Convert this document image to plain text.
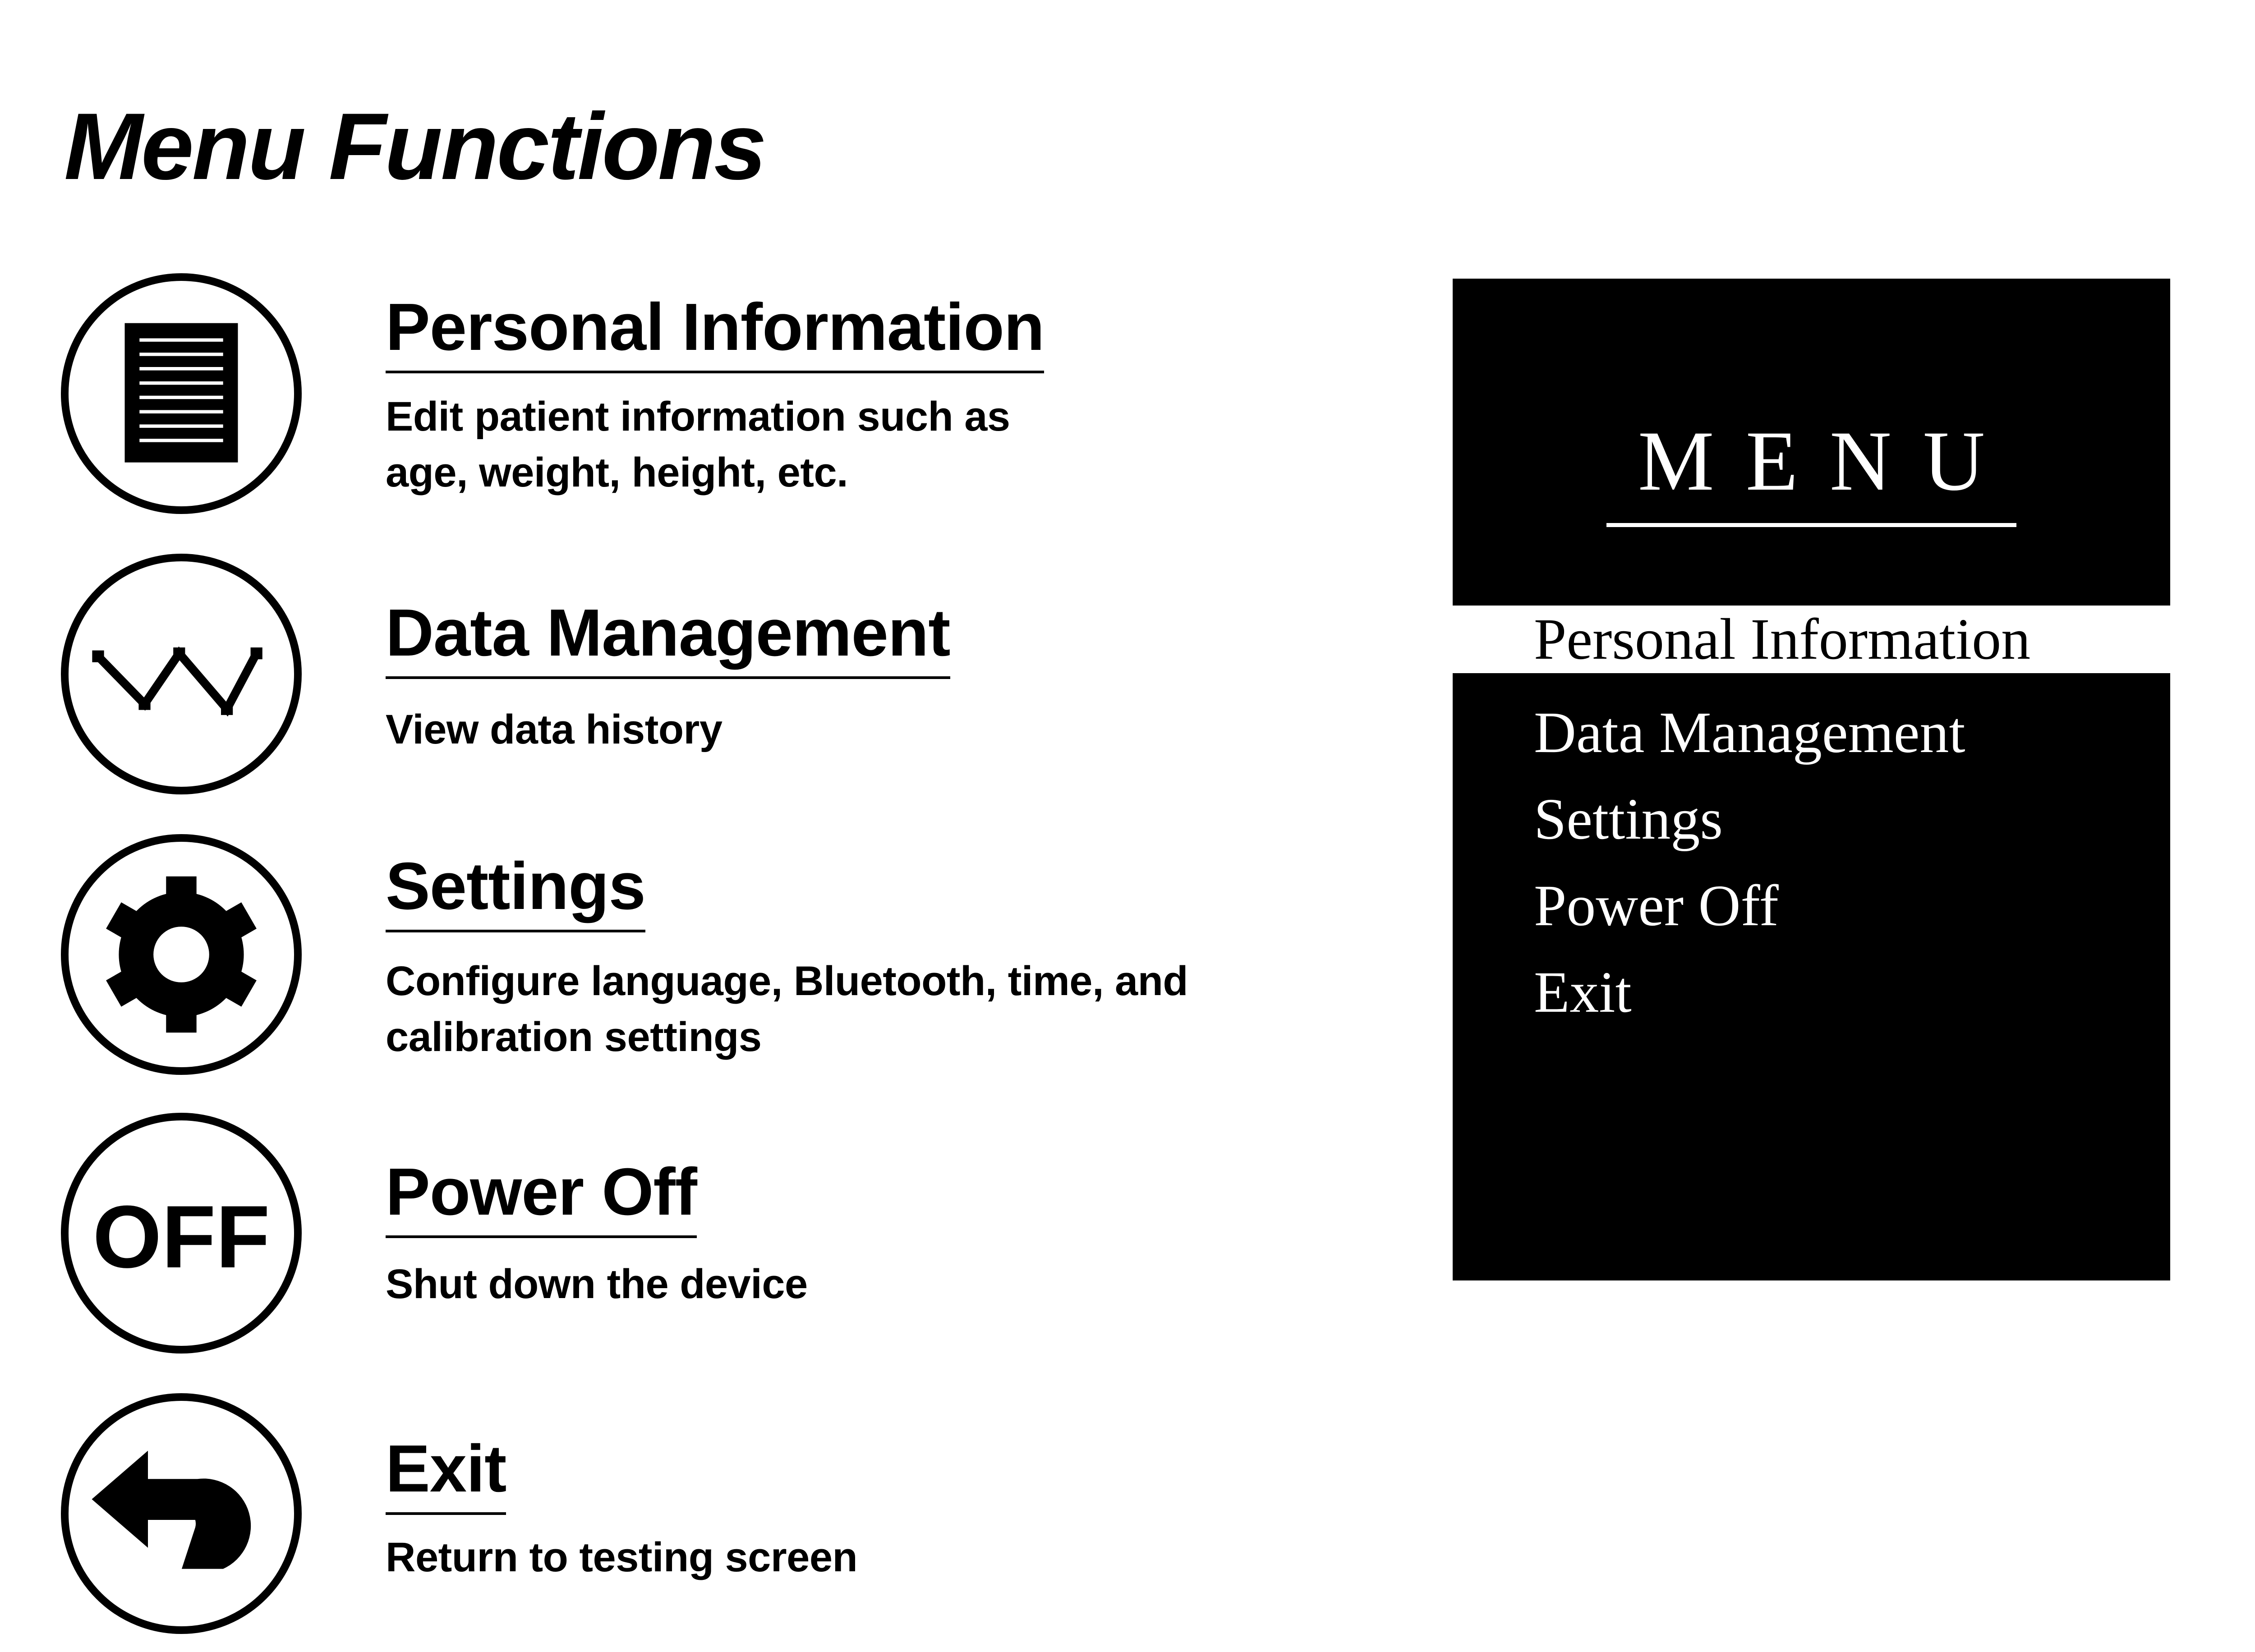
Menu Functions
Personal Information

Edit patient information such as
age, weight, height, etc.

Data Management

View data history

Settings

Configure language, Bluetooth, time, and
calibration settings

OFF Power Off

Shut down the device

Exit

Return to testing screen

MENU
Personal Information
Data Management
Settings
Power Off
Exit
